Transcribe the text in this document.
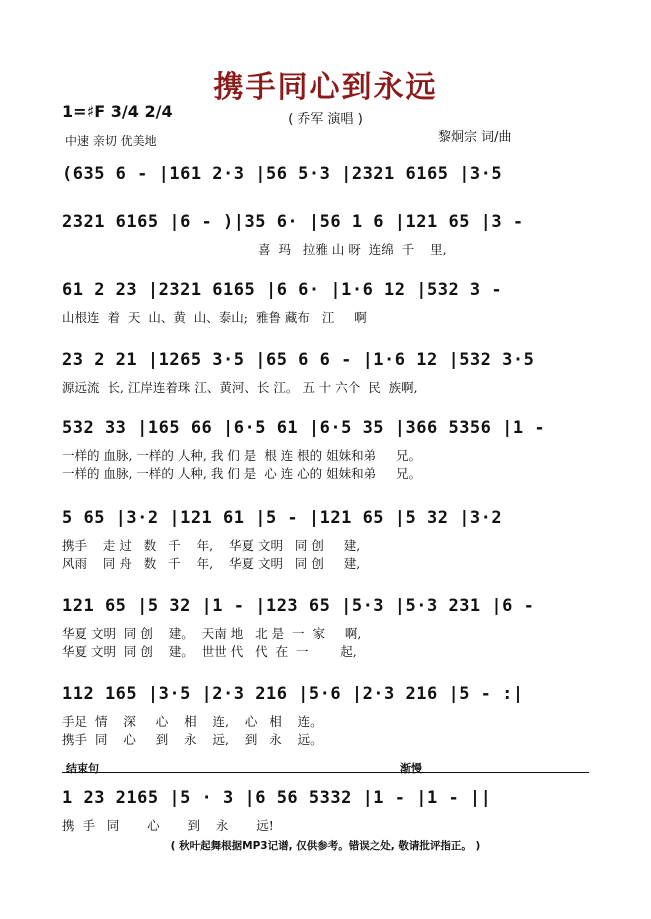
携手同心到永远
( 乔军 演唱 )
1=♯F 3/4 2/4
中速 亲切 优美地	黎炯宗 词/曲
(635 6 - |161 2·3 |56 5·3 |2321 6165 |3·5
2321 6165 |6 - )|35 6· |56 1 6 |121 65 |3 -
喜  玛   拉雅 山 呀  连绵  千    里,
61 2 23 |2321 6165 |6 6· |1·6 12 |532 3 -
山根连  着  天  山、黄  山、泰山;  雅鲁 藏布   江     啊
23 2 21 |1265 3·5 |65 6 6 - |1·6 12 |532 3·5
源远流  长, 江岸连着珠 江、黄河、长 江。 五 十 六个  民  族啊,
532 33 |165 66 |6·5 61 |6·5 35 |366 5356 |1 -
一样的 血脉, 一样的 人种, 我 们 是  根 连 根的 姐妹和弟     兄。
一样的 血脉, 一样的 人种, 我 们 是  心 连 心的 姐妹和弟     兄。
5 65 |3·2 |121 61 |5 - |121 65 |5 32 |3·2
携手    走 过   数   千    年,    华夏 文明   同 创     建,
风雨    同 舟   数   千    年,    华夏 文明   同 创     建,
121 65 |5 32 |1 - |123 65 |5·3 |5·3 231 |6 -
华夏 文明  同 创    建。  天南 地   北 是  一  家     啊,
华夏 文明  同 创    建。  世世 代   代  在  一        起,
112 165 |3·5 |2·3 216 |5·6 |2·3 216 |5 - :|
手足  情    深     心    相    连,    心   相    连。
携手  同    心     到    永    远,    到   永    远。
结束句	渐慢
1 23 2165 |5 · 3 |6 56 5332 |1 - |1 - ||
携  手   同       心       到    永       远!
( 秋叶起舞根据MP3记谱, 仅供参考。错误之处, 敬请批评指正。 )
